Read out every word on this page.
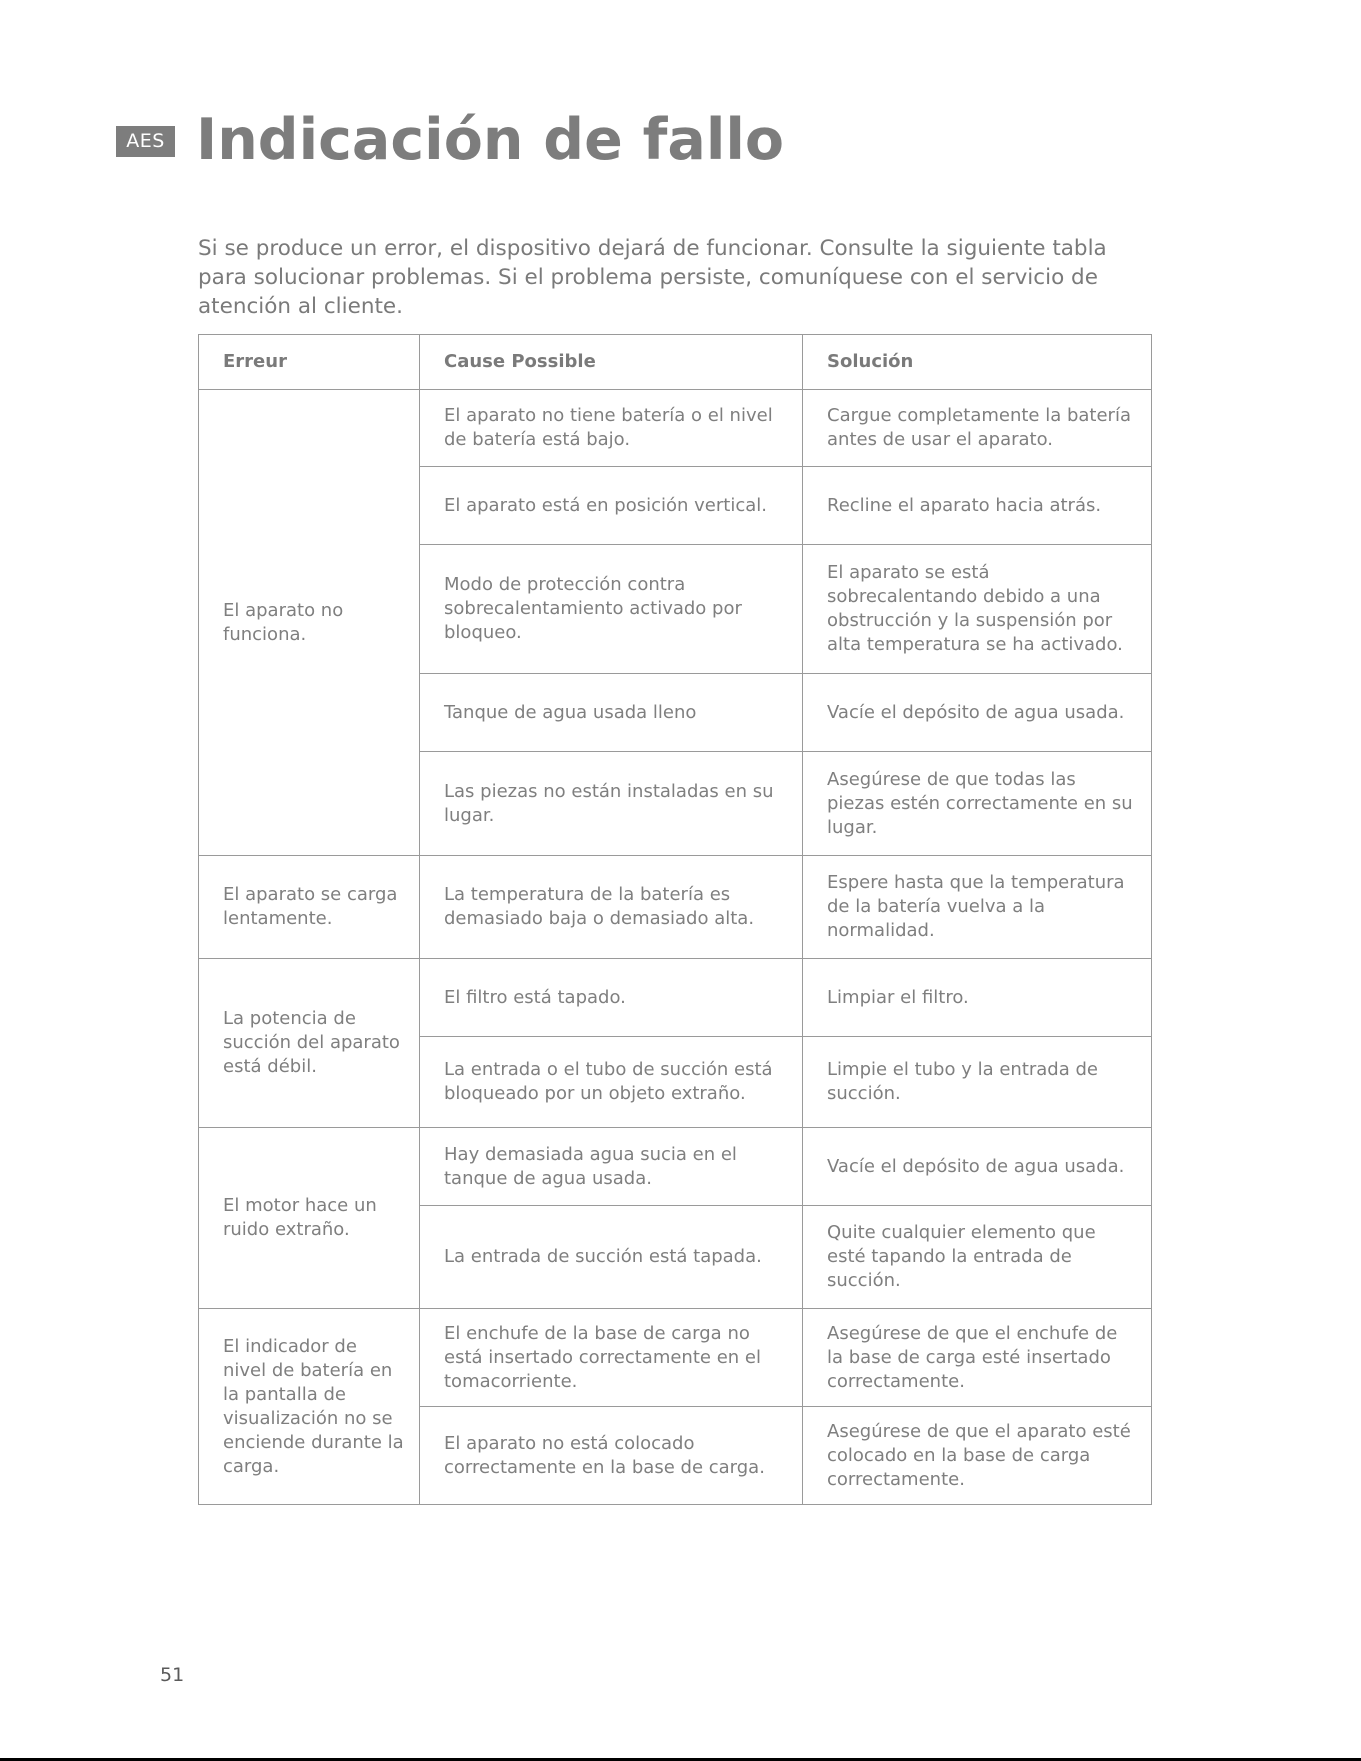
AES Indicación de fallo

Si se produce un error, el dispositivo dejará de funcionar. Consulte la siguiente tabla para solucionar problemas. Si el problema persiste, comuníquese con el servicio de atención al cliente.

Erreur	Cause Possible	Solución
El aparato no funciona.	El aparato no tiene batería o el nivel de batería está bajo.	Cargue completamente la batería antes de usar el aparato.
	El aparato está en posición vertical.	Recline el aparato hacia atrás.
	Modo de protección contra sobrecalentamiento activado por bloqueo.	El aparato se está sobrecalentando debido a una obstrucción y la suspensión por alta temperatura se ha activado.
	Tanque de agua usada lleno	Vacíe el depósito de agua usada.
	Las piezas no están instaladas en su lugar.	Asegúrese de que todas las piezas estén correctamente en su lugar.
El aparato se carga lentamente.	La temperatura de la batería es demasiado baja o demasiado alta.	Espere hasta que la temperatura de la batería vuelva a la normalidad.
La potencia de succión del aparato está débil.	El filtro está tapado.	Limpiar el filtro.
	La entrada o el tubo de succión está bloqueado por un objeto extraño.	Limpie el tubo y la entrada de succión.
El motor hace un ruido extraño.	Hay demasiada agua sucia en el tanque de agua usada.	Vacíe el depósito de agua usada.
	La entrada de succión está tapada.	Quite cualquier elemento que esté tapando la entrada de succión.
El indicador de nivel de batería en la pantalla de visualización no se enciende durante la carga.	El enchufe de la base de carga no está insertado correctamente en el tomacorriente.	Asegúrese de que el enchufe de la base de carga esté insertado correctamente.
	El aparato no está colocado correctamente en la base de carga.	Asegúrese de que el aparato esté colocado en la base de carga correctamente.
51
